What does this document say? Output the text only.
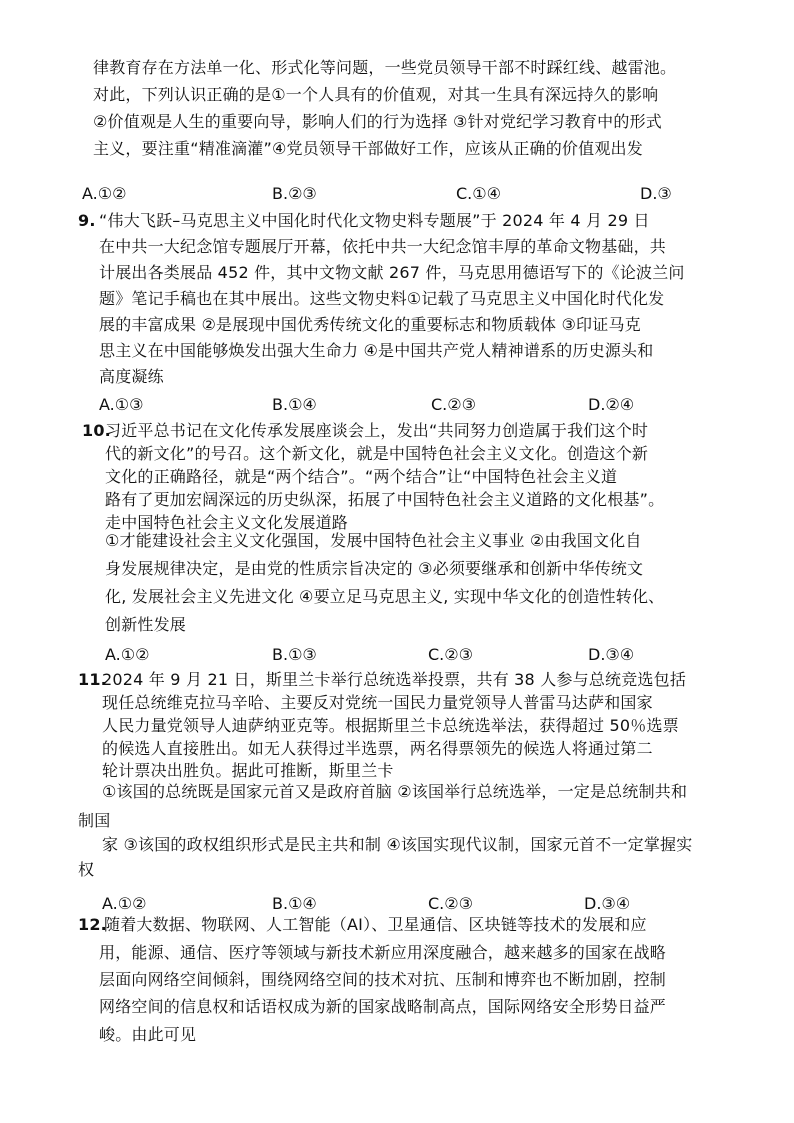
律教育存在方法单一化、形式化等问题，一些党员领导干部不时踩红线、越雷池。
对此，下列认识正确的是①一个人具有的价值观，对其一生具有深远持久的影响
②价值观是人生的重要向导，影响人们的行为选择 ③针对党纪学习教育中的形式
主义，要注重“精准滴灌”④党员领导干部做好工作，应该从正确的价值观出发
A.①②	B.②③	C.①④	D.③
9. “伟大飞跃–马克思主义中国化时代化文物史料专题展”于 2024 年 4 月 29 日
在中共一大纪念馆专题展厅开幕，依托中共一大纪念馆丰厚的革命文物基础，共
计展出各类展品 452 件，其中文物文献 267 件，马克思用德语写下的《论波兰问
题》笔记手稿也在其中展出。这些文物史料①记载了马克思主义中国化时代化发
展的丰富成果 ②是展现中国优秀传统文化的重要标志和物质载体 ③印证马克
思主义在中国能够焕发出强大生命力 ④是中国共产党人精神谱系的历史源头和
高度凝练
A.①③	B.①④	C.②③	D.②④
10.
习近平总书记在文化传承发展座谈会上，发出“共同努力创造属于我们这个时
代的新文化”的号召。这个新文化，就是中国特色社会主义文化。创造这个新
文化的正确路径，就是“两个结合”。“两个结合”让“中国特色社会主义道
路有了更加宏阔深远的历史纵深，拓展了中国特色社会主义道路的文化根基”。
走中国特色社会主义文化发展道路
①才能建设社会主义文化强国，发展中国特色社会主义事业 ②由我国文化自
身发展规律决定，是由党的性质宗旨决定的 ③必须要继承和创新中华传统文
化, 发展社会主义先进文化 ④要立足马克思主义, 实现中华文化的创造性转化、
创新性发展
A.①②	B.①③	C.②③	D.③④
11.
2024 年 9 月 21 日，斯里兰卡举行总统选举投票，共有 38 人参与总统竞选包括
现任总统维克拉马辛哈、主要反对党统一国民力量党领导人普雷马达萨和国家
人民力量党领导人迪萨纳亚克等。根据斯里兰卡总统选举法，获得超过 50％选票
的候选人直接胜出。如无人获得过半选票，两名得票领先的候选人将通过第二
轮计票决出胜负。据此可推断，斯里兰卡
①该国的总统既是国家元首又是政府首脑 ②该国举行总统选举，一定是总统制共和
制国
家 ③该国的政权组织形式是民主共和制 ④该国实现代议制，国家元首不一定掌握实
权
A.①②	B.①④	C.②③	D.③④
12.
随着大数据、物联网、人工智能（AI）、卫星通信、区块链等技术的发展和应
用，能源、通信、医疗等领域与新技术新应用深度融合，越来越多的国家在战略
层面向网络空间倾斜，围绕网络空间的技术对抗、压制和博弈也不断加剧，控制
网络空间的信息权和话语权成为新的国家战略制高点，国际网络安全形势日益严
峻。由此可见
